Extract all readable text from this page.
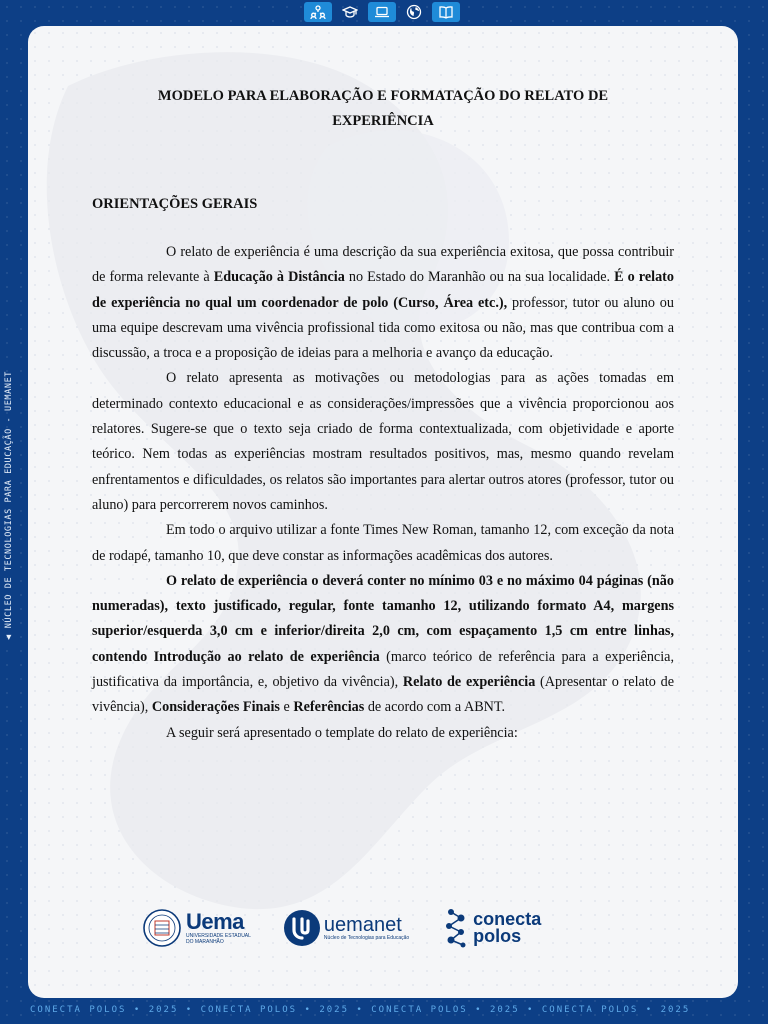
◀NÚCLEO DE TECNOLOGIAS PARA EDUCAÇÃO - UEMANET

MODELO PARA ELABORAÇÃO E FORMATAÇÃO DO RELATO DE
EXPERIÊNCIA

ORIENTAÇÕES GERAIS

O relato de experiência é uma descrição da sua experiência exitosa, que possa contribuir de forma relevante à Educação à Distância no Estado do Maranhão ou na sua localidade. É o relato de experiência no qual um coordenador de polo (Curso, Área etc.), professor, tutor ou aluno ou uma equipe descrevam uma vivência profissional tida como exitosa ou não, mas que contribua com a discussão, a troca e a proposição de ideias para a melhoria e avanço da educação.

O relato apresenta as motivações ou metodologias para as ações tomadas em determinado contexto educacional e as considerações/impressões que a vivência proporcionou aos relatores. Sugere-se que o texto seja criado de forma contextualizada, com objetividade e aporte teórico. Nem todas as experiências mostram resultados positivos, mas, mesmo quando revelam enfrentamentos e dificuldades, os relatos são importantes para alertar outros atores (professor, tutor ou aluno) para percorrerem novos caminhos.

Em todo o arquivo utilizar a fonte Times New Roman, tamanho 12, com exceção da nota de rodapé, tamanho 10, que deve constar as informações acadêmicas dos autores.

O relato de experiência o deverá conter no mínimo 03 e no máximo 04 páginas (não numeradas), texto justificado, regular, fonte tamanho 12, utilizando formato A4, margens superior/esquerda 3,0 cm e inferior/direita 2,0 cm, com espaçamento 1,5 cm entre linhas, contendo Introdução ao relato de experiência (marco teórico de referência para a experiência, justificativa da importância, e, objetivo da vivência), Relato de experiência (Apresentar o relato de vivência), Considerações Finais e Referências de acordo com a ABNT.

A seguir será apresentado o template do relato de experiência:

Uema
UNIVERSIDADE ESTADUAL
DO MARANHÃO
uemanet
Núcleo de Tecnologias para Educação
conecta
polos
CONECTA POLOS • 2025 • CONECTA POLOS • 2025 • CONECTA POLOS • 2025 • CONECTA POLOS • 2025
